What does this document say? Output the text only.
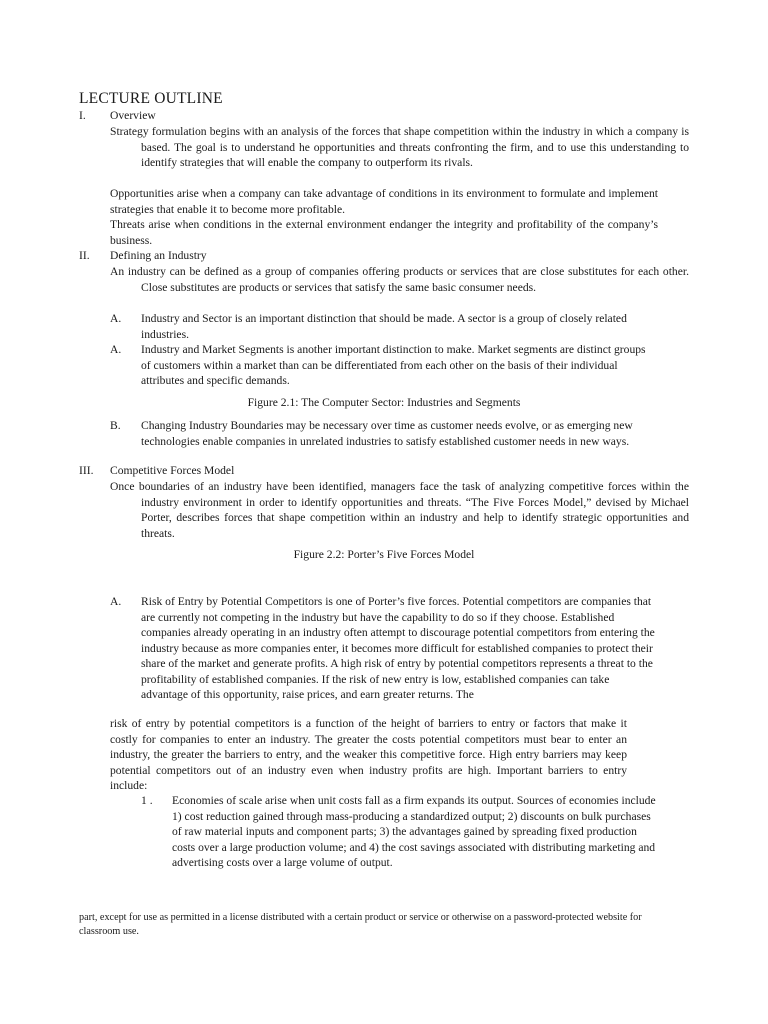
LECTURE OUTLINE
I. Overview
Strategy formulation begins with an analysis of the forces that shape competition within the industry in which a company is based. The goal is to understand he opportunities and threats confronting the firm, and to use this understanding to identify strategies that will enable the company to outperform its rivals.
Opportunities arise when a company can take advantage of conditions in its environment to formulate and implement strategies that enable it to become more profitable.
Threats arise when conditions in the external environment endanger the integrity and profitability of the company’s business.
II. Defining an Industry
An industry can be defined as a group of companies offering products or services that are close substitutes for each other. Close substitutes are products or services that satisfy the same basic consumer needs.
A. Industry and Sector is an important distinction that should be made. A sector is a group of closely related industries.
A. Industry and Market Segments is another important distinction to make. Market segments are distinct groups of customers within a market than can be differentiated from each other on the basis of their individual attributes and specific demands.
Figure 2.1: The Computer Sector: Industries and Segments
B. Changing Industry Boundaries may be necessary over time as customer needs evolve, or as emerging new technologies enable companies in unrelated industries to satisfy established customer needs in new ways.
III. Competitive Forces Model
Once boundaries of an industry have been identified, managers face the task of analyzing competitive forces within the industry environment in order to identify opportunities and threats. “The Five Forces Model,” devised by Michael Porter, describes forces that shape competition within an industry and help to identify strategic opportunities and threats.
Figure 2.2: Porter’s Five Forces Model
A. Risk of Entry by Potential Competitors is one of Porter’s five forces. Potential competitors are companies that are currently not competing in the industry but have the capability to do so if they choose. Established companies already operating in an industry often attempt to discourage potential competitors from entering the industry because as more companies enter, it becomes more difficult for established companies to protect their share of the market and generate profits. A high risk of entry by potential competitors represents a threat to the profitability of established companies. If the risk of new entry is low, established companies can take advantage of this opportunity, raise prices, and earn greater returns. The
risk of entry by potential competitors is a function of the height of barriers to entry or factors that make it costly for companies to enter an industry. The greater the costs potential competitors must bear to enter an industry, the greater the barriers to entry, and the weaker this competitive force. High entry barriers may keep potential competitors out of an industry even when industry profits are high. Important barriers to entry include:
1 . Economies of scale arise when unit costs fall as a firm expands its output. Sources of economies include 1) cost reduction gained through mass-producing a standardized output; 2) discounts on bulk purchases of raw material inputs and component parts; 3) the advantages gained by spreading fixed production costs over a large production volume; and 4) the cost savings associated with distributing marketing and advertising costs over a large volume of output.
part, except for use as permitted in a license distributed with a certain product or service or otherwise on a password-protected website for classroom use.
